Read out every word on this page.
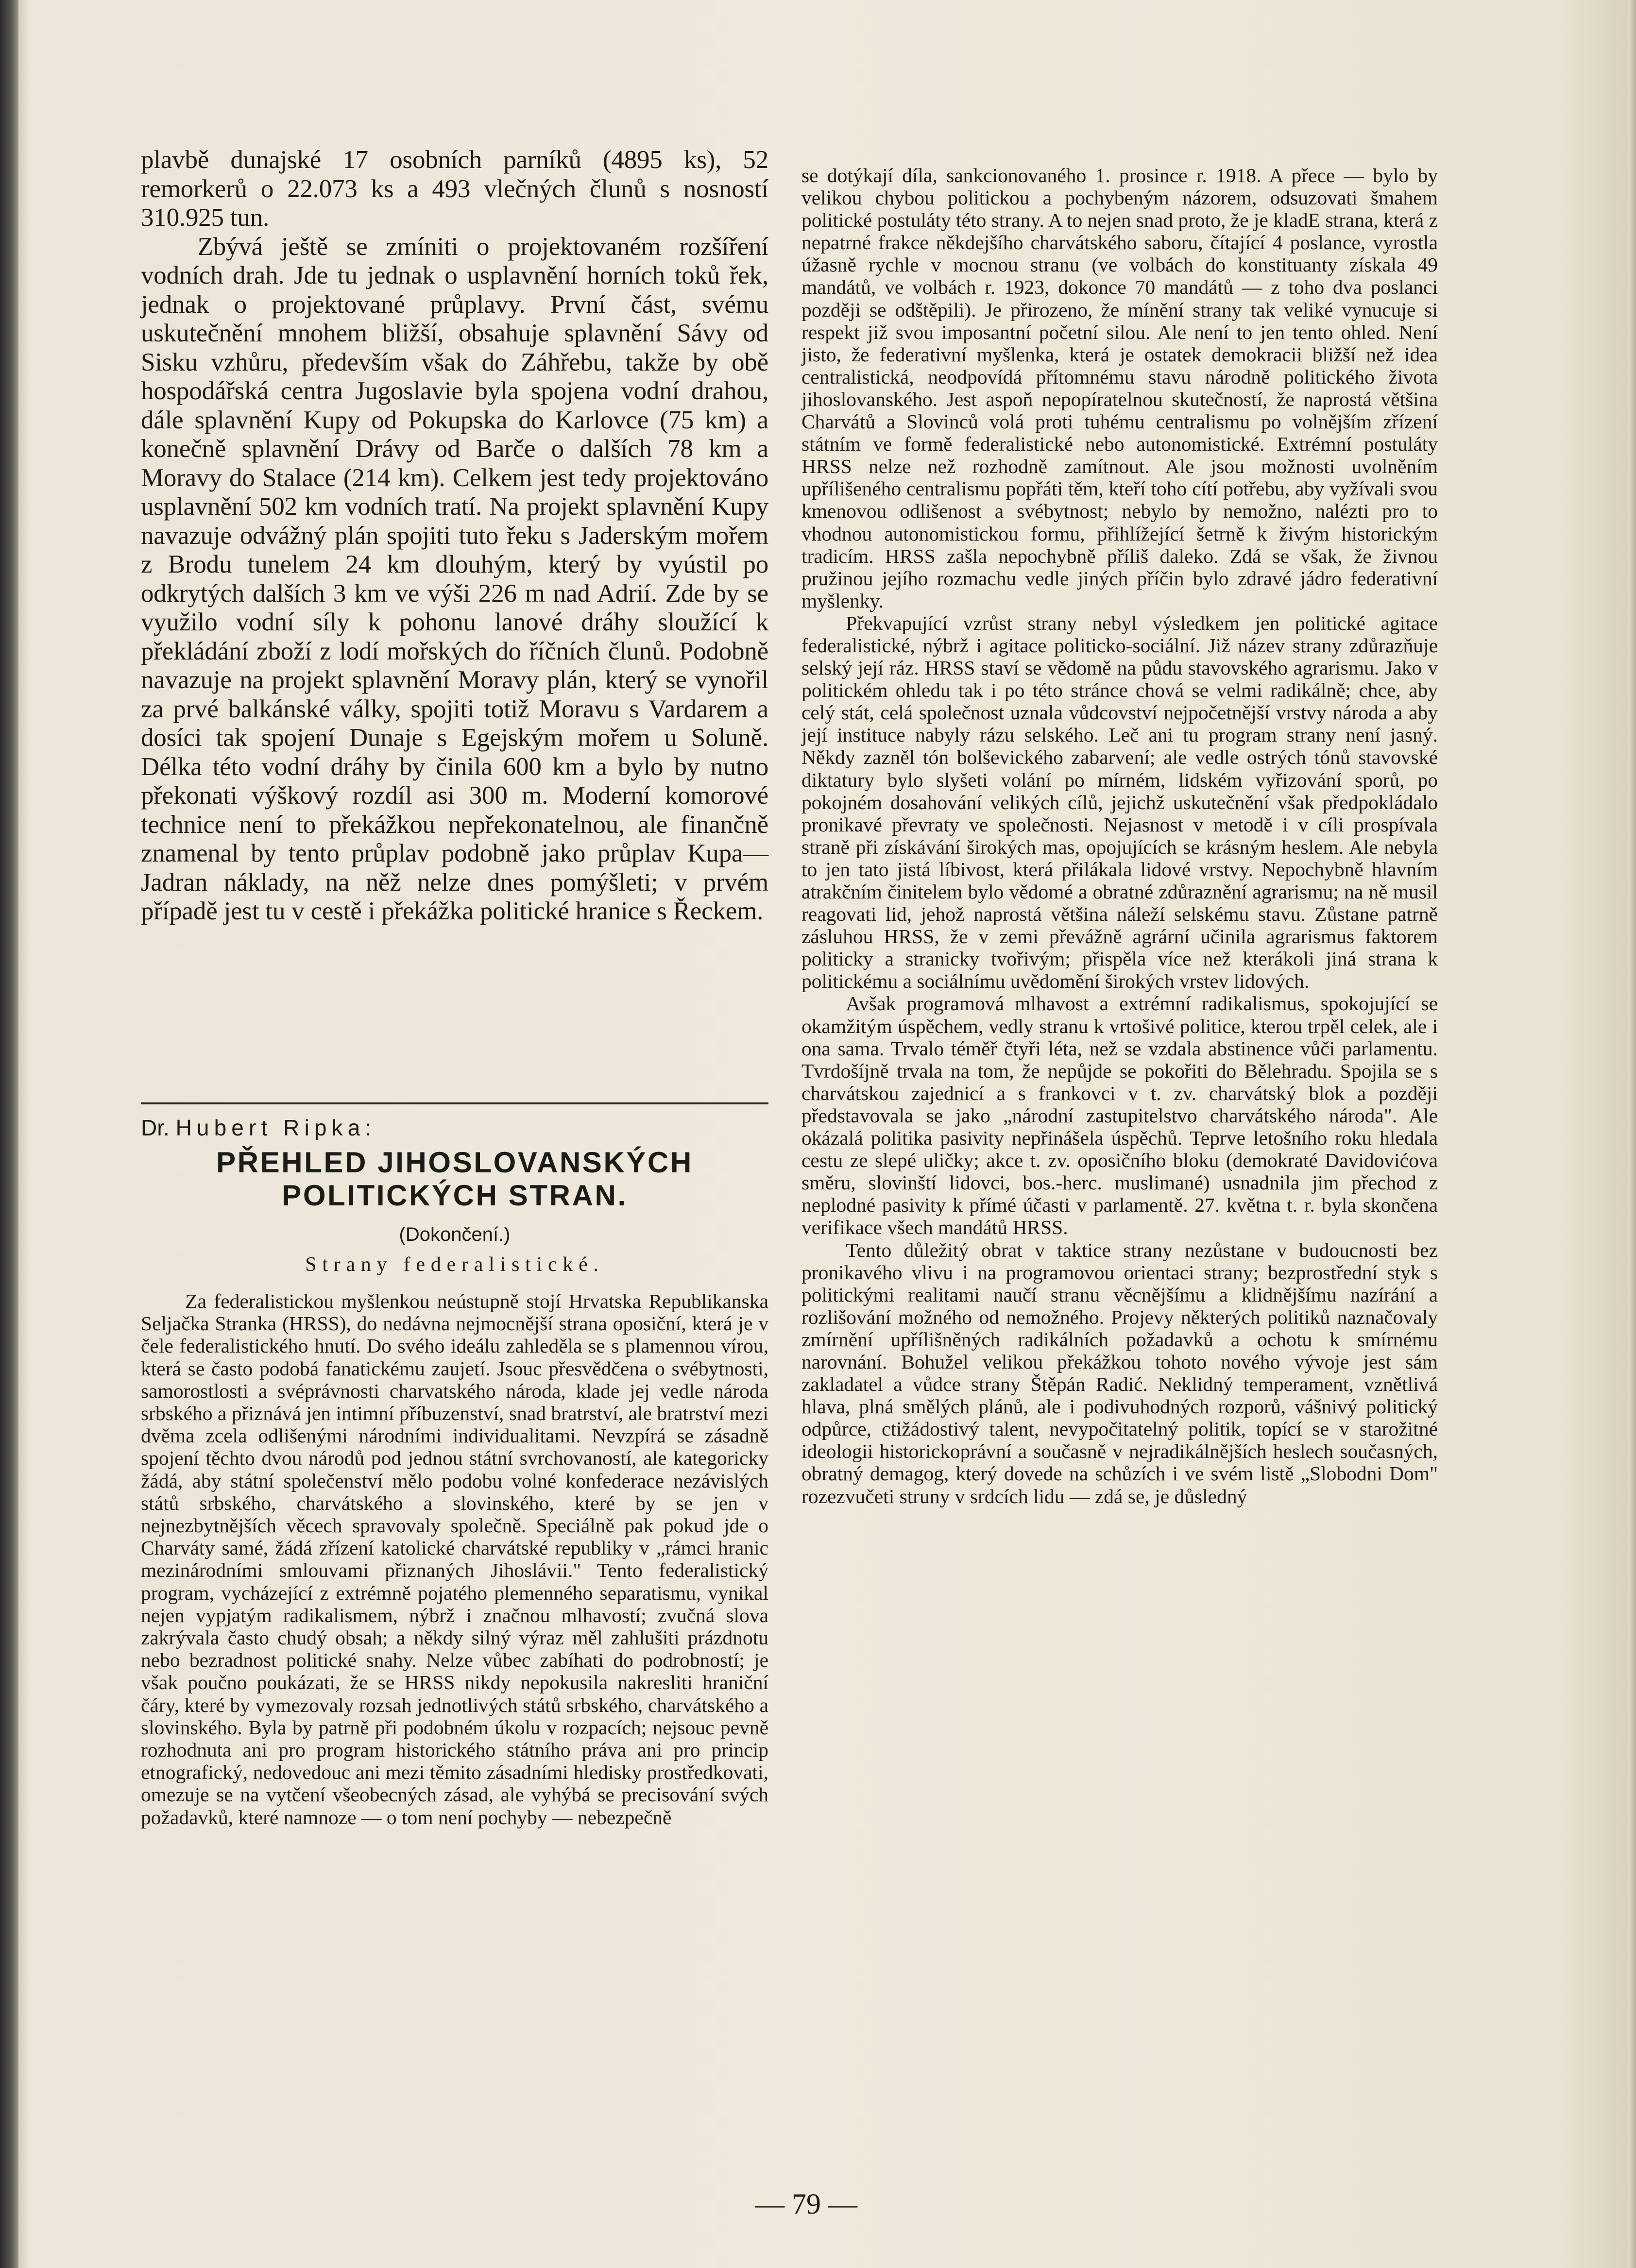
plavbě dunajské 17 osobních parníků (4895 ks), 52 remorkerů o 22.073 ks a 493 vlečných člunů s nosností 310.925 tun.

Zbývá ještě se zmíniti o projektovaném rozšíření vodních drah. Jde tu jednak o usplavnění horních toků řek, jednak o projektované průplavy. První část, svému uskutečnění mnohem bližší, obsahuje splavnění Sávy od Sisku vzhůru, především však do Záhřebu, takže by obě hospodářská centra Jugoslavie byla spojena vodní drahou, dále splavnění Kupy od Pokupska do Karlovce (75 km) a konečně splavnění Drávy od Barče o dalších 78 km a Moravy do Stalace (214 km). Celkem jest tedy projektováno usplavnění 502 km vodních tratí. Na projekt splavnění Kupy navazuje odvážný plán spojiti tuto řeku s Jaderským mořem z Brodu tunelem 24 km dlouhým, který by vyústil po odkrytých dalších 3 km ve výši 226 m nad Adrií. Zde by se využilo vodní síly k pohonu lanové dráhy sloužící k překládání zboží z lodí mořských do říčních člunů. Podobně navazuje na projekt splavnění Moravy plán, který se vynořil za prvé balkánské války, spojiti totiž Moravu s Vardarem a dosíci tak spojení Dunaje s Egejským mořem u Soluně. Délka této vodní dráhy by činila 600 km a bylo by nutno překonati výškový rozdíl asi 300 m. Moderní komorové technice není to překážkou nepřekonatelnou, ale finančně znamenal by tento průplav podobně jako průplav Kupa—Jadran náklady, na něž nelze dnes pomýšleti; v prvém případě jest tu v cestě i překážka politické hranice s Řeckem.

Dr. Hubert Ripka:

PŘEHLED JIHOSLOVANSKÝCH POLITICKÝCH STRAN.

(Dokončení.)

Strany federalistické.

Za federalistickou myšlenkou neústupně stojí Hrvatska Republikanska Seljačka Stranka (HRSS), do nedávna nejmocnější strana oposiční, která je v čele federalistického hnutí. Do svého ideálu zahleděla se s plamennou vírou, která se často podobá fanatickému zaujetí. Jsouc přesvědčena o svébytnosti, samorostlosti a svéprávnosti charvatského národa, klade jej vedle národa srbského a přiznává jen intimní příbuzenství, snad bratrství, ale bratrství mezi dvěma zcela odlišenými národními individualitami. Nevzpírá se zásadně spojení těchto dvou národů pod jednou státní svrchovaností, ale kategoricky žádá, aby státní společenství mělo podobu volné konfederace nezávislých států srbského, charvátského a slovinského, které by se jen v nejnezbytnějších věcech spravovaly společně. Speciálně pak pokud jde o Charváty samé, žádá zřízení katolické charvátské republiky v „rámci hranic mezinárodními smlouvami přiznaných Jihoslávii." Tento federalistický program, vycházející z extrémně pojatého plemenného separatismu, vynikal nejen vypjatým radikalismem, nýbrž i značnou mlhavostí; zvučná slova zakrývala často chudý obsah; a někdy silný výraz měl zahlušiti prázdnotu nebo bezradnost politické snahy. Nelze vůbec zabíhati do podrobností; je však poučno poukázati, že se HRSS nikdy nepokusila nakresliti hraniční čáry, které by vymezovaly rozsah jednotlivých států srbského, charvátského a slovinského. Byla by patrně při podobném úkolu v rozpacích; nejsouc pevně rozhodnuta ani pro program historického státního práva ani pro princip etnografický, nedovedouc ani mezi těmito zásadními hledisky prostředkovati, omezuje se na vytčení všeobecných zásad, ale vyhýbá se precisování svých požadavků, které namnoze — o tom není pochyby — nebezpečně

se dotýkají díla, sankcionovaného 1. prosince r. 1918. A přece — bylo by velikou chybou politickou a pochybeným názorem, odsuzovati šmahem politické postuláty této strany. A to nejen snad proto, že je kladE strana, která z nepatrné frakce někdejšího charvátského saboru, čítající 4 poslance, vyrostla úžasně rychle v mocnou stranu (ve volbách do konstituanty získala 49 mandátů, ve volbách r. 1923, dokonce 70 mandátů — z toho dva poslanci později se odštěpili). Je přirozeno, že mínění strany tak veliké vynucuje si respekt již svou imposantní početní silou. Ale není to jen tento ohled. Není jisto, že federativní myšlenka, která je ostatek demokracii bližší než idea centralistická, neodpovídá přítomnému stavu národně politického života jihoslovanského. Jest aspoň nepopíratelnou skutečností, že naprostá většina Charvátů a Slovinců volá proti tuhému centralismu po volnějším zřízení státním ve formě federalistické nebo autonomistické. Extrémní postuláty HRSS nelze než rozhodně zamítnout. Ale jsou možnosti uvolněním upřílišeného centralismu popřáti těm, kteří toho cítí potřebu, aby vyžívali svou kmenovou odlišenost a svébytnost; nebylo by nemožno, nalézti pro to vhodnou autonomistickou formu, přihlížející šetrně k živým historickým tradicím. HRSS zašla nepochybně příliš daleko. Zdá se však, že živnou pružinou jejího rozmachu vedle jiných příčin bylo zdravé jádro federativní myšlenky.

Překvapující vzrůst strany nebyl výsledkem jen politické agitace federalistické, nýbrž i agitace politicko-sociální. Již název strany zdůrazňuje selský její ráz. HRSS staví se vědomě na půdu stavovského agrarismu. Jako v politickém ohledu tak i po této stránce chová se velmi radikálně; chce, aby celý stát, celá společnost uznala vůdcovství nejpočetnější vrstvy národa a aby její instituce nabyly rázu selského. Leč ani tu program strany není jasný. Někdy zazněl tón bolševického zabarvení; ale vedle ostrých tónů stavovské diktatury bylo slyšeti volání po mírném, lidském vyřizování sporů, po pokojném dosahování velikých cílů, jejichž uskutečnění však předpokládalo pronikavé převraty ve společnosti. Nejasnost v metodě i v cíli prospívala straně při získávání širokých mas, opojujících se krásným heslem. Ale nebyla to jen tato jistá líbivost, která přilákala lidové vrstvy. Nepochybně hlavním atrakčním činitelem bylo vědomé a obratné zdůraznění agrarismu; na ně musil reagovati lid, jehož naprostá většina náleží selskému stavu. Zůstane patrně zásluhou HRSS, že v zemi převážně agrární učinila agrarismus faktorem politicky a stranicky tvořivým; přispěla více než kterákoli jiná strana k politickému a sociálnímu uvědomění širokých vrstev lidových.

Avšak programová mlhavost a extrémní radikalismus, spokojující se okamžitým úspěchem, vedly stranu k vrtošivé politice, kterou trpěl celek, ale i ona sama. Trvalo téměř čtyři léta, než se vzdala abstinence vůči parlamentu. Tvrdošíjně trvala na tom, že nepůjde se pokořiti do Bělehradu. Spojila se s charvátskou zajednicí a s frankovci v t. zv. charvátský blok a později představovala se jako „národní zastupitelstvo charvátského národa". Ale okázalá politika pasivity nepřinášela úspěchů. Teprve letošního roku hledala cestu ze slepé uličky; akce t. zv. oposičního bloku (demokraté Davidovićova směru, slovinští lidovci, bos.-herc. muslimané) usnadnila jim přechod z neplodné pasivity k přímé účasti v parlamentě. 27. května t. r. byla skončena verifikace všech mandátů HRSS.

Tento důležitý obrat v taktice strany nezůstane v budoucnosti bez pronikavého vlivu i na programovou orientaci strany; bezprostřední styk s politickými realitami naučí stranu věcnějšímu a klidnějšímu nazírání a rozlišování možného od nemožného. Projevy některých politiků naznačovaly zmírnění upřílišněných radikálních požadavků a ochotu k smírnému narovnání. Bohužel velikou překážkou tohoto nového vývoje jest sám zakladatel a vůdce strany Štěpán Radić. Neklidný temperament, vznětlivá hlava, plná smělých plánů, ale i podivuhodných rozporů, vášnivý politický odpůrce, ctižádostivý talent, nevypočitatelný politik, topící se v starožitné ideologii historickoprávní a současně v nejradikálnějších heslech současných, obratný demagog, který dovede na schůzích i ve svém listě „Slobodni Dom" rozezvučeti struny v srdcích lidu — zdá se, je důsledný

— 79 —
